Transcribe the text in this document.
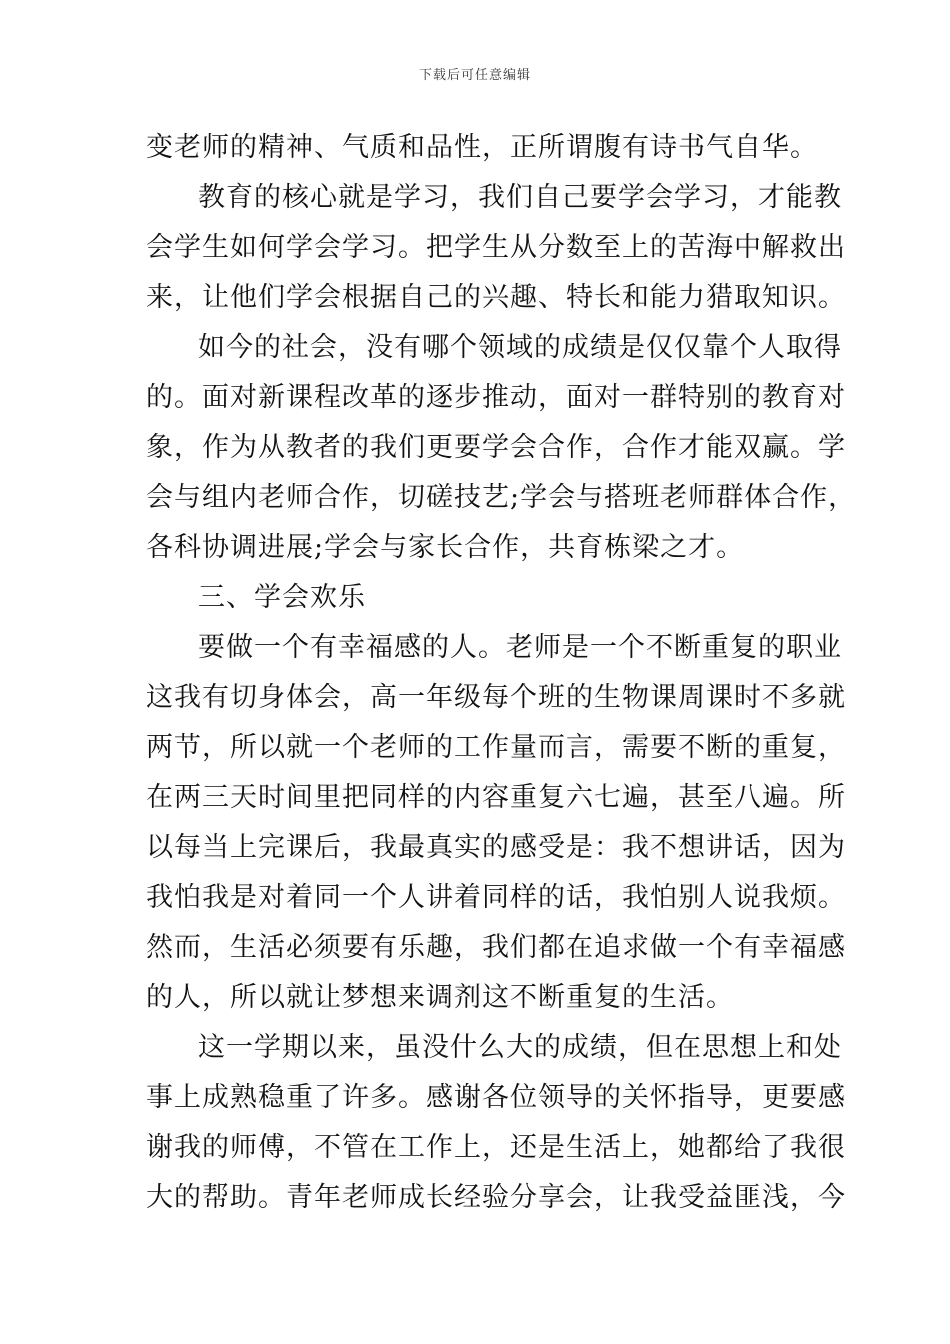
下载后可任意编辑
变老师的精神、气质和品性，正所谓腹有诗书气自华。
教育的核心就是学习，我们自己要学会学习，才能教
会学生如何学会学习。把学生从分数至上的苦海中解救出
来，让他们学会根据自己的兴趣、特长和能力猎取知识。
如今的社会，没有哪个领域的成绩是仅仅靠个人取得
的。面对新课程改革的逐步推动，面对一群特别的教育对
象，作为从教者的我们更要学会合作，合作才能双赢。学
会与组内老师合作，切磋技艺;学会与搭班老师群体合作，
各科协调进展;学会与家长合作，共育栋梁之才。
三、学会欢乐
要做一个有幸福感的人。老师是一个不断重复的职业
这我有切身体会，高一年级每个班的生物课周课时不多就
两节，所以就一个老师的工作量而言，需要不断的重复，
在两三天时间里把同样的内容重复六七遍，甚至八遍。所
以每当上完课后，我最真实的感受是：我不想讲话，因为
我怕我是对着同一个人讲着同样的话，我怕别人说我烦。
然而，生活必须要有乐趣，我们都在追求做一个有幸福感
的人，所以就让梦想来调剂这不断重复的生活。
这一学期以来，虽没什么大的成绩，但在思想上和处
事上成熟稳重了许多。感谢各位领导的关怀指导，更要感
谢我的师傅，不管在工作上，还是生活上，她都给了我很
大的帮助。青年老师成长经验分享会，让我受益匪浅，今
